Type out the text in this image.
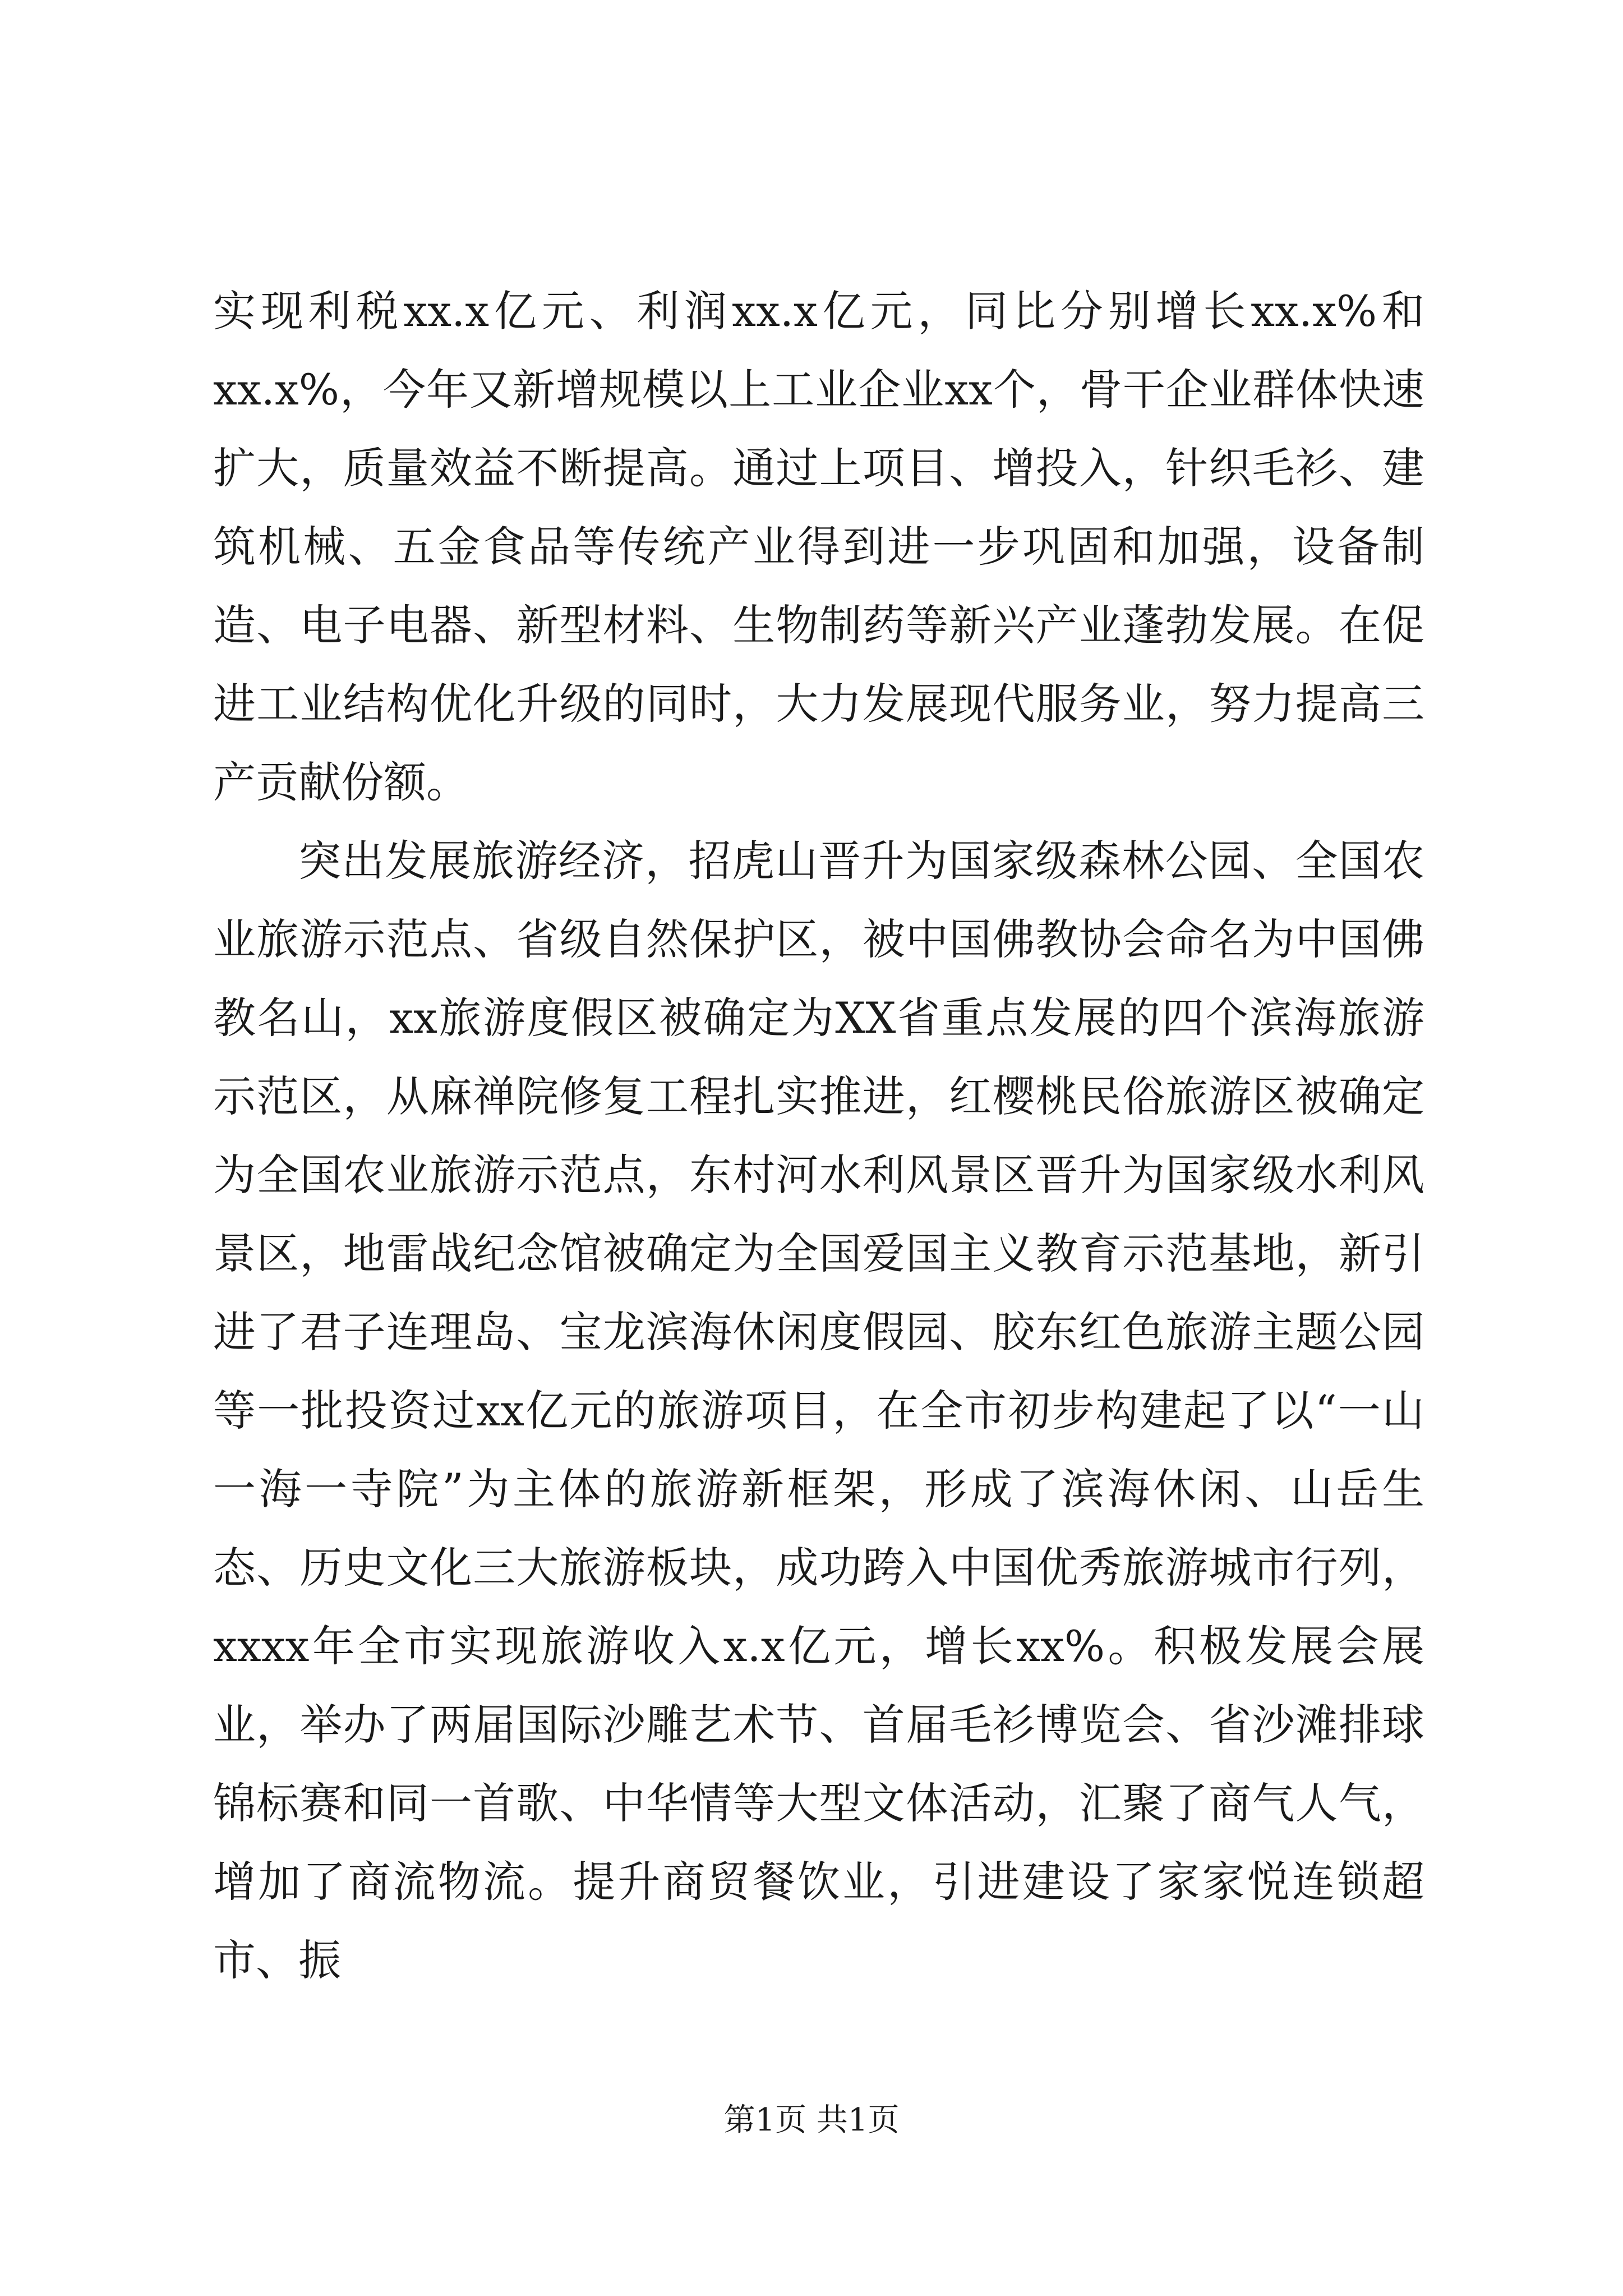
实现利税xx.x亿元、利润xx.x亿元，同比分别增长xx.x%和xx.x%，今年又新增规模以上工业企业xx个，骨干企业群体快速扩大，质量效益不断提高。通过上项目、增投入，针织毛衫、建筑机械、五金食品等传统产业得到进一步巩固和加强，设备制造、电子电器、新型材料、生物制药等新兴产业蓬勃发展。在促进工业结构优化升级的同时，大力发展现代服务业，努力提高三产贡献份额。

突出发展旅游经济，招虎山晋升为国家级森林公园、全国农业旅游示范点、省级自然保护区，被中国佛教协会命名为中国佛教名山，xx旅游度假区被确定为XX省重点发展的四个滨海旅游示范区，从麻禅院修复工程扎实推进，红樱桃民俗旅游区被确定为全国农业旅游示范点，东村河水利风景区晋升为国家级水利风景区，地雷战纪念馆被确定为全国爱国主义教育示范基地，新引进了君子连理岛、宝龙滨海休闲度假园、胶东红色旅游主题公园等一批投资过xx亿元的旅游项目，在全市初步构建起了以“一山一海一寺院”为主体的旅游新框架，形成了滨海休闲、山岳生态、历史文化三大旅游板块，成功跨入中国优秀旅游城市行列，xxxx年全市实现旅游收入x.x亿元，增长xx%。积极发展会展业，举办了两届国际沙雕艺术节、首届毛衫博览会、省沙滩排球锦标赛和同一首歌、中华情等大型文体活动，汇聚了商气人气，增加了商流物流。提升商贸餐饮业，引进建设了家家悦连锁超市、振

第1页 共1页
